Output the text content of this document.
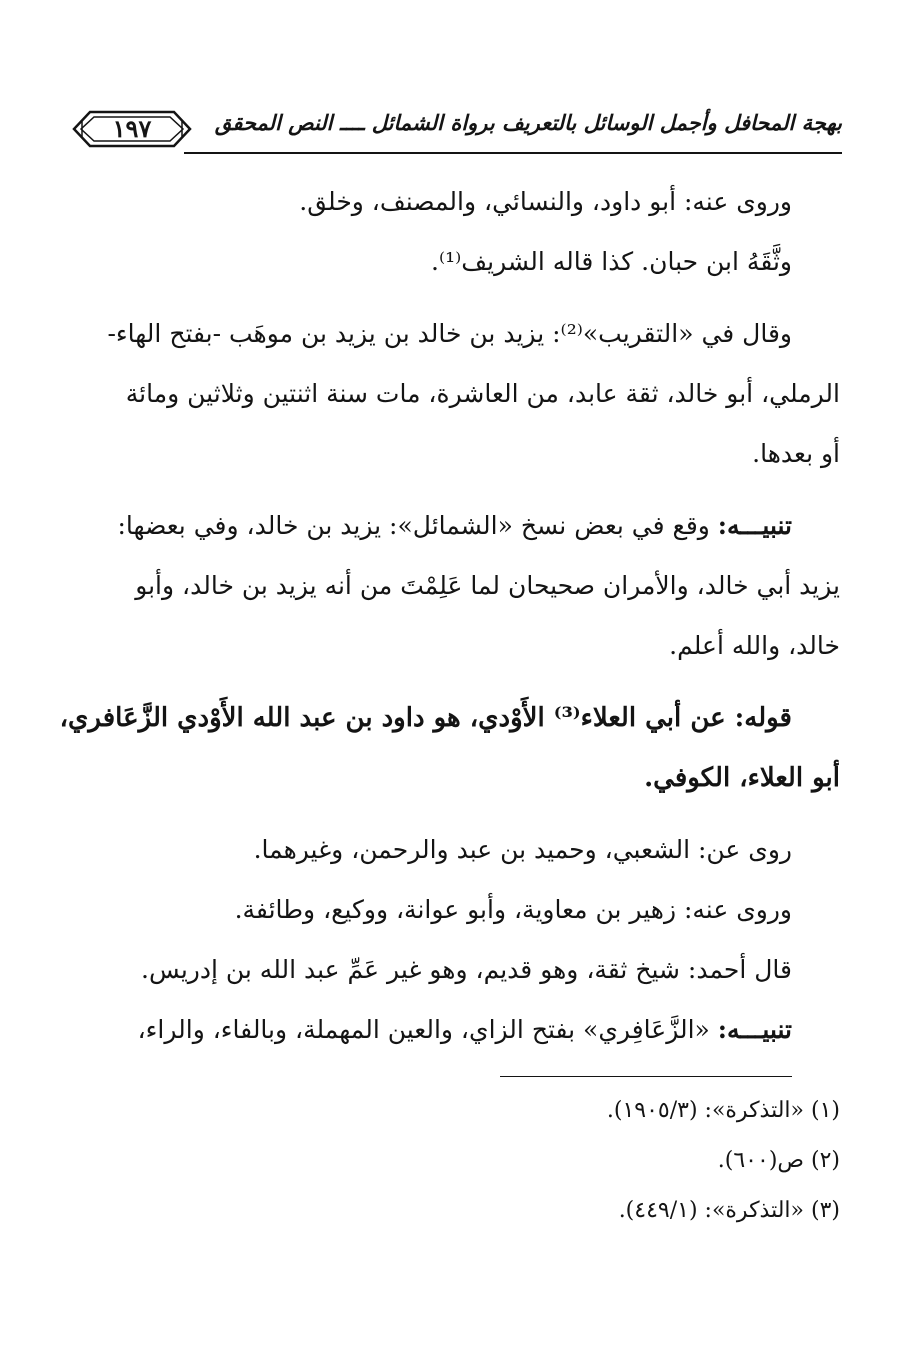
بهجة المحافل وأجمل الوسائل بالتعريف برواة الشمائل ــــ النص المحقق
١٩٧
وروى عنه: أبو داود، والنسائي، والمصنف، وخلق.
وثَّقَهُ ابن حبان. كذا قاله الشريف⁽¹⁾.
وقال في «التقريب»⁽²⁾: يزيد بن خالد بن يزيد بن موهَب -بفتح الهاء-
الرملي، أبو خالد، ثقة عابد، من العاشرة، مات سنة اثنتين وثلاثين ومائة
أو بعدها.
تنبيـــه: وقع في بعض نسخ «الشمائل»: يزيد بن خالد، وفي بعضها:
يزيد أبي خالد، والأمران صحيحان لما عَلِمْتَ من أنه يزيد بن خالد، وأبو
خالد، والله أعلم.
قوله: عن أبي العلاء⁽³⁾ الأَوْدي، هو داود بن عبد الله الأَوْدي الزَّعَافري،
أبو العلاء، الكوفي.
روى عن: الشعبي، وحميد بن عبد والرحمن، وغيرهما.
وروى عنه: زهير بن معاوية، وأبو عوانة، ووكيع، وطائفة.
قال أحمد: شيخ ثقة، وهو قديم، وهو غير عَمِّ عبد الله بن إدريس.
تنبيـــه: «الزَّعَافِري» بفتح الزاي، والعين المهملة، وبالفاء، والراء،
(١) «التذكرة»: (١٩٠٥/٣).
(٢) ص(٦٠٠).
(٣) «التذكرة»: (٤٤٩/١).
